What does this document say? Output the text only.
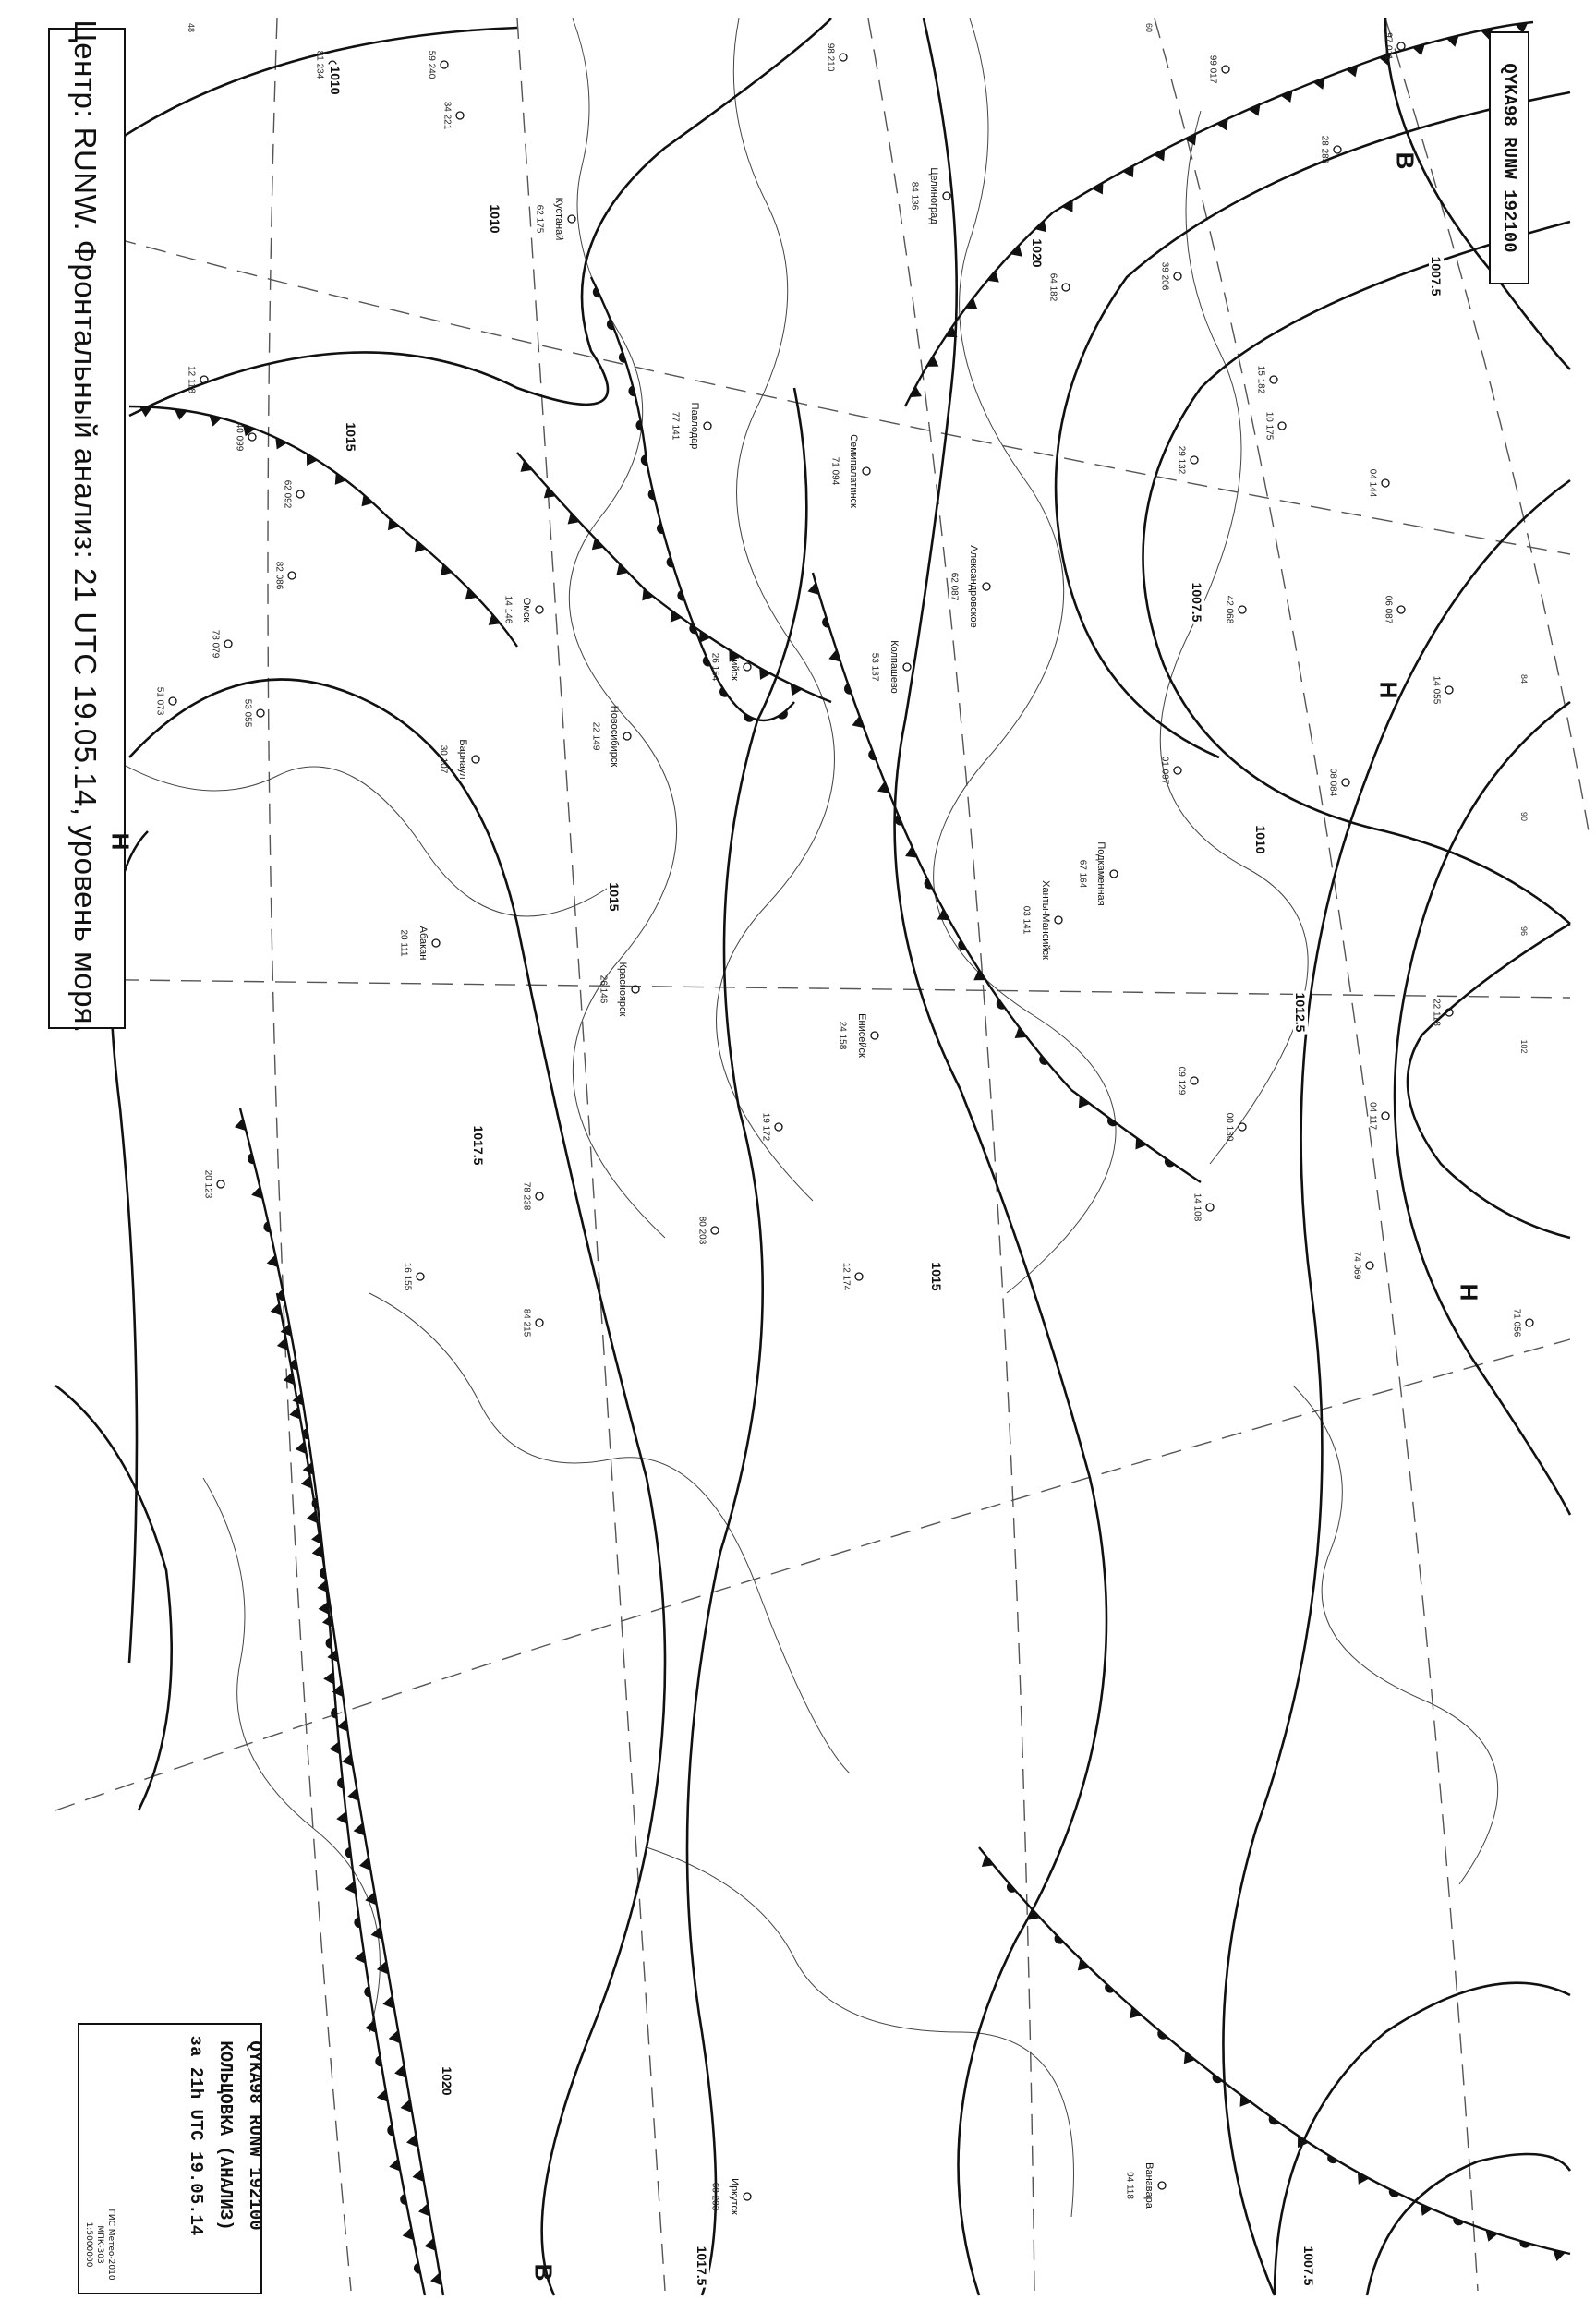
Центр: RUNW. Фронтальный анализ: 21 UTC 19.05.14, уровень моря.	QYKA98 RUNW 192100
QYKA98 RUNW 192100
КОЛЬЦОВКА (АНАЛИЗ)
за 21h UTC 19.05.14
ГИС Метео-2010
МПК-303
1:5000000
1010
1010
1015
1020
1007.5
1007.5
1010
1012.5
1015
1017.5
1015
1017.5	1007.5
1020
В
Н
Н
Н
В
Кустанай
62 175	Целиноград
84 136
Павлодар
77 141
Семипалатинск
71 094
Александровское
62 087
Бийск
26 154
Новосибирск
22 149
Барнаул
30 107
Колпашево
53 137
Подкаменная
67 164
Иркутск
60 203
Абакан
20 111
Красноярск
26 146
Ханты-Мансийск
03 141
Ванавара
94 118
Енисейск
24 158
Омск
14 146
98 210	99 017
97 011
34 221
59 240
81 234
39 206
64 182
28 283
15 182
10 175
29 132
04 144
42 068	06 087
14 055
01 097	08 084
22 118
04 117
00 130
09 129
14 108
74 069
71 056
12 174
19 172
80 203
84 215
16 155
78 238
20 123
12 118
40 099
62 092
82 086
78 079
53 055
51 073
84
90
96
102
60
48
